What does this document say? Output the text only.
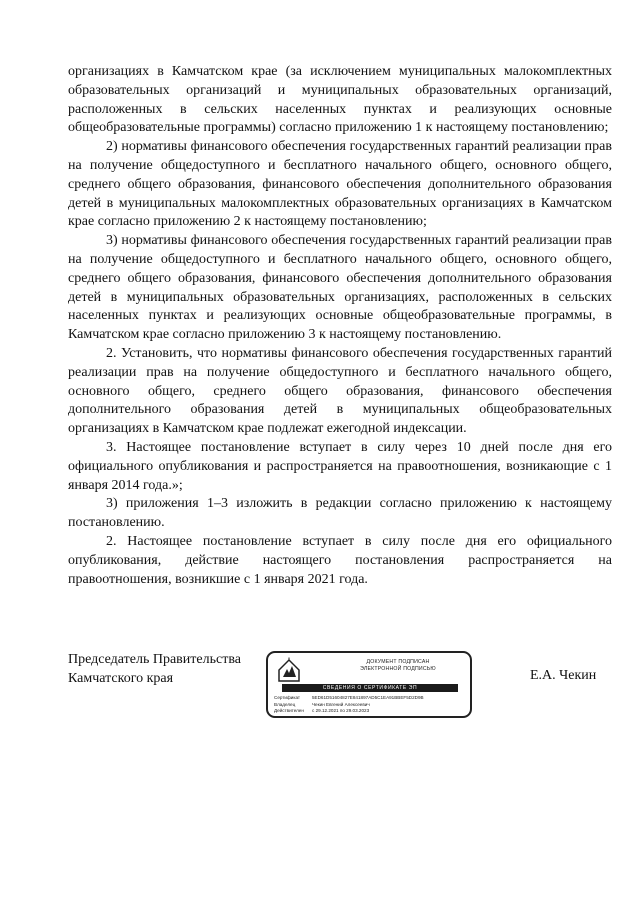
организациях в Камчатском крае (за исключением муниципальных малокомплектных образовательных организаций и муниципальных образовательных организаций, расположенных в сельских населенных пунктах и реализующих основные общеобразовательные программы) согласно приложению 1 к настоящему постановлению;

2) нормативы финансового обеспечения государственных гарантий реализации прав на получение общедоступного и бесплатного начального общего, основного общего, среднего общего образования, финансового обеспечения дополнительного образования детей в муниципальных малокомплектных образовательных организациях в Камчатском крае согласно приложению 2 к настоящему постановлению;

3) нормативы финансового обеспечения государственных гарантий реализации прав на получение общедоступного и бесплатного начального общего, основного общего, среднего общего образования, финансового обеспечения дополнительного образования детей в муниципальных образовательных организациях, расположенных в сельских населенных пунктах и реализующих основные общеобразовательные программы, в Камчатском крае согласно приложению 3 к настоящему постановлению.

2. Установить, что нормативы финансового обеспечения государственных гарантий реализации прав на получение общедоступного и бесплатного начального общего, основного общего, среднего общего образования, финансового обеспечения дополнительного образования детей в муниципальных общеобразовательных организациях в Камчатском крае подлежат ежегодной индексации.

3. Настоящее постановление вступает в силу через 10 дней после дня его официального опубликования и распространяется на правоотношения, возникающие с 1 января 2014 года.»;

3) приложения 1–3 изложить в редакции согласно приложению к настоящему постановлению.

2. Настоящее постановление вступает в силу после дня его официального опубликования, действие настоящего постановления распространяется на правоотношения, возникшие с 1 января 2021 года.

Председатель Правительства
Камчатского края
ДОКУМЕНТ ПОДПИСАН
ЭЛЕКТРОННОЙ ПОДПИСЬЮ
СВЕДЕНИЯ О СЕРТИФИКАТЕ ЭП
Сертификат	5ED61D51604827E841897AD5C1EA91BBEF5D2D9B
Владелец	Чекин Евгений Алексеевич
Действителен	с 29.12.2021 по 29.03.2023
Е.А. Чекин
